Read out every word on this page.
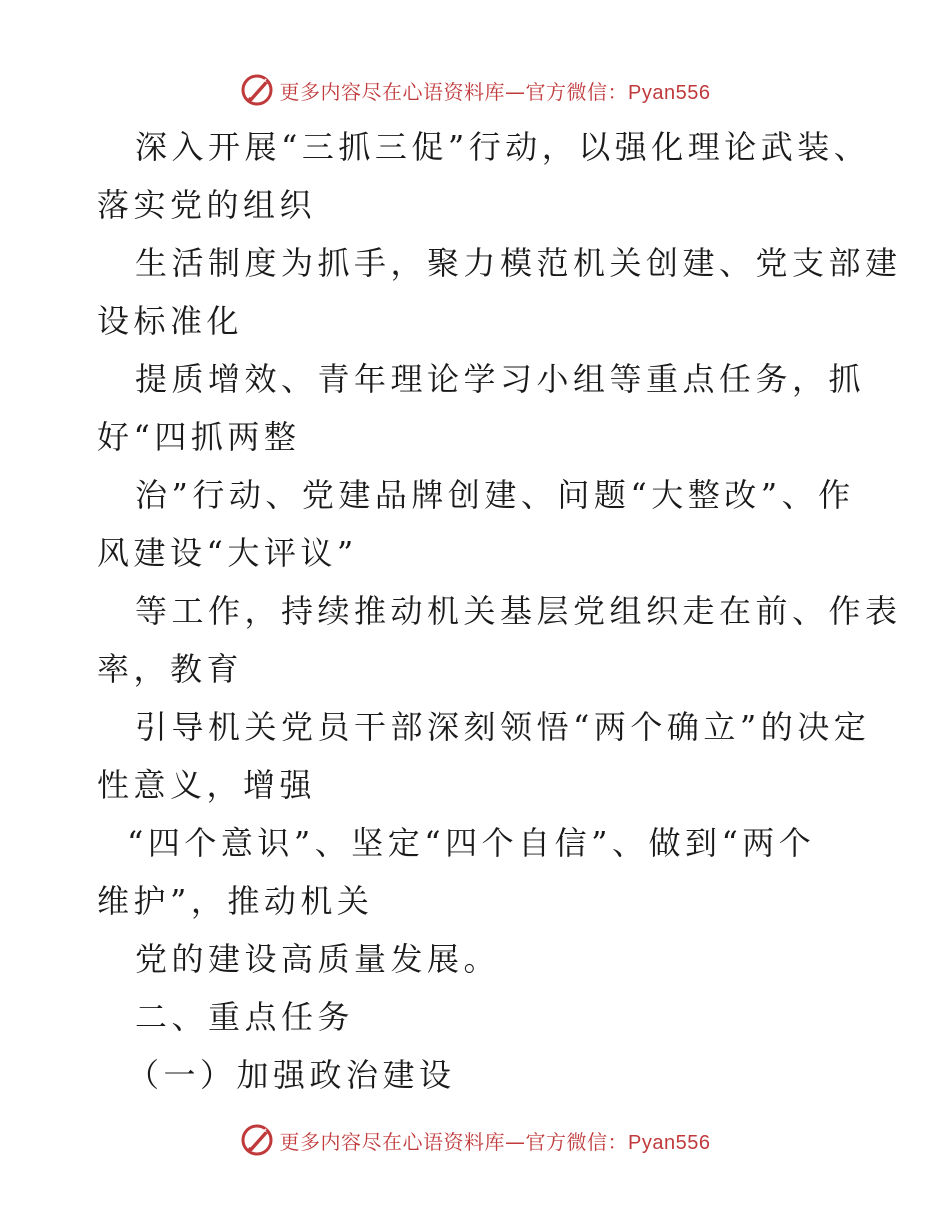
更多内容尽在心语资料库—官方微信：Pyan556
深入开展“三抓三促”行动，以强化理论武装、
落实党的组织
生活制度为抓手，聚力模范机关创建、党支部建
设标准化
提质增效、青年理论学习小组等重点任务，抓
好“四抓两整
治”行动、党建品牌创建、问题“大整改”、作
风建设“大评议”
等工作，持续推动机关基层党组织走在前、作表
率，教育
引导机关党员干部深刻领悟“两个确立”的决定
性意义，增强
“四个意识”、坚定“四个自信”、做到“两个
维护”，推动机关
党的建设高质量发展。
二、重点任务
（一）加强政治建设
更多内容尽在心语资料库—官方微信：Pyan556
